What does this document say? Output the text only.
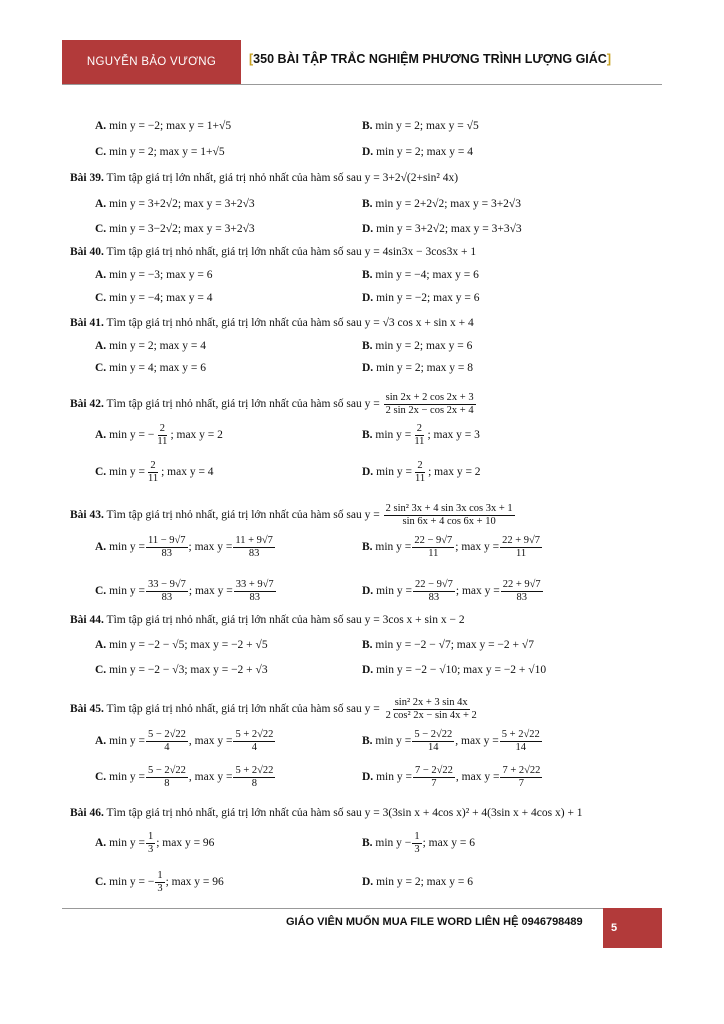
NGUYỄN BẢO VƯƠNG	[350 BÀI TẬP TRẮC NGHIỆM PHƯƠNG TRÌNH LƯỢNG GIÁC]
A. min y = −2; max y = 1+√5	B. min y = 2; max y = √5
C. min y = 2; max y = 1+√5	D. min y = 2; max y = 4
Bài 39. Tìm tập giá trị lớn nhất, giá trị nhỏ nhất của hàm số sau y = 3+2√(2+sin² 4x)
A. min y = 3+2√2; max y = 3+2√3	B. min y = 2+2√2; max y = 3+2√3
C. min y = 3−2√2; max y = 3+2√3	D. min y = 3+2√2; max y = 3+3√3
Bài 40. Tìm tập giá trị nhỏ nhất, giá trị lớn nhất của hàm số sau y = 4sin3x − 3cos3x + 1
A. min y = −3; max y = 6	B. min y = −4; max y = 6
C. min y = −4; max y = 4	D. min y = −2; max y = 6
Bài 41. Tìm tập giá trị nhỏ nhất, giá trị lớn nhất của hàm số sau y = √3 cos x + sin x + 4
A. min y = 2; max y = 4	B. min y = 2; max y = 6
C. min y = 4; max y = 6	D. min y = 2; max y = 8
Bài 42. Tìm tập giá trị nhỏ nhất, giá trị lớn nhất của hàm số sau $y = \frac{\sin 2x + 2 \cos 2x + 3}{2 \sin 2x - \cos 2x + 4}$
A. min y = − $\frac{2}{11}$ ; max y = 2	B. $\min y = \frac{2}{11}$ ; max y = 3
C. $\min y = \frac{2}{11}$ ; max y = 4	D. $\min y = \frac{2}{11}$ ; max y = 2
Bài 43. Tìm tập giá trị nhỏ nhất, giá trị lớn nhất của hàm số sau $y = \frac{\text{2 sin² 3x + 4 sin 3x cos 3x + 1}}{\sin 6x + 4 \cos 6x + 10}$
A. $\min y = \frac{11 - 9√7}{83}$ ; $\max y = \frac{11 + 9√7}{83}$	B. $\min y = \frac{22 - 9√7}{11}$ ; $\max y = \frac{22 + 9√7}{11}$
C. $\min y = \frac{33 - 9√7}{83}$ ; $\max y = \frac{33 + 9√7}{83}$	D. $\min y = \frac{22 - 9√7}{83}$ ; $\max y = \frac{22 + 9√7}{83}$
Bài 44. Tìm tập giá trị nhỏ nhất, giá trị lớn nhất của hàm số sau y = 3cos x + sin x − 2
A. min y = −2 − √5; max y = −2 + √5	B. min y = −2 − √7; max y = −2 + √7
C. min y = −2 − √3; max y = −2 + √3	D. min y = −2 − √10; max y = −2 + √10
Bài 45. Tìm tập giá trị nhỏ nhất, giá trị lớn nhất của hàm số sau $y = \frac{\text{sin² 2x + 3 sin 4x}}{\text{2 cos² 2x − sin 4x + 2}}$
A. $\min y = \frac{5 - 2√22}{4}$ , $\max y = \frac{5 + 2√22}{4}$	B. $\min y = \frac{5 - 2√22}{14}$ , $\max y = \frac{5 + 2√22}{14}$
C. $\min y = \frac{5 - 2√22}{8}$ , $\max y = \frac{5 + 2√22}{8}$	D. $\min y = \frac{7 - 2√22}{7}$ , $\max y = \frac{7 + 2√22}{7}$
Bài 46. Tìm tập giá trị nhỏ nhất, giá trị lớn nhất của hàm số sau y = 3(3sin x + 4cos x)² + 4(3sin x + 4cos x) + 1
A. $\min y = \frac{1}{3}$ ; max y = 96	B. $\min y - \frac{1}{3}$ ; max y = 6
C. min y = − $\frac{1}{3}$ ; max y = 96	D. min y = 2; max y = 6
GIÁO VIÊN MUỐN MUA FILE WORD LIÊN HỆ 0946798489	5
